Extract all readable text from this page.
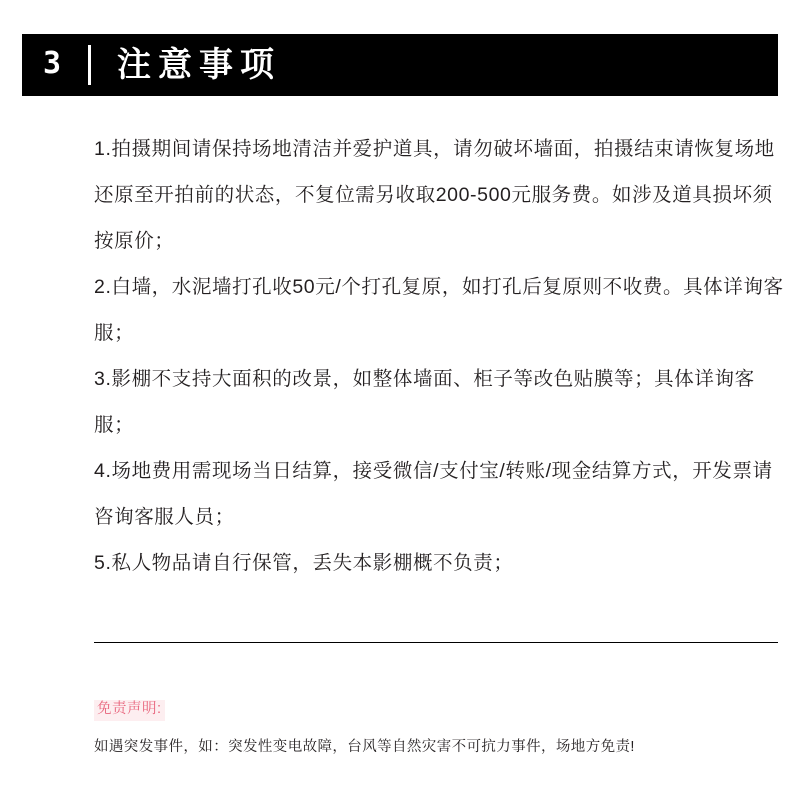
3	注意事项

1.拍摄期间请保持场地清洁并爱护道具，请勿破坏墙面，拍摄结束请恢复场地还原至开拍前的状态，不复位需另收取200-500元服务费。如涉及道具损坏须按原价；

2.白墙，水泥墙打孔收50元/个打孔复原，如打孔后复原则不收费。具体详询客服；

3.影棚不支持大面积的改景，如整体墙面、柜子等改色贴膜等；具体详询客服；

4.场地费用需现场当日结算，接受微信/支付宝/转账/现金结算方式，开发票请咨询客服人员；

5.私人物品请自行保管，丢失本影棚概不负责；

免责声明:
如遇突发事件，如：突发性变电故障，台风等自然灾害不可抗力事件，场地方免责!
